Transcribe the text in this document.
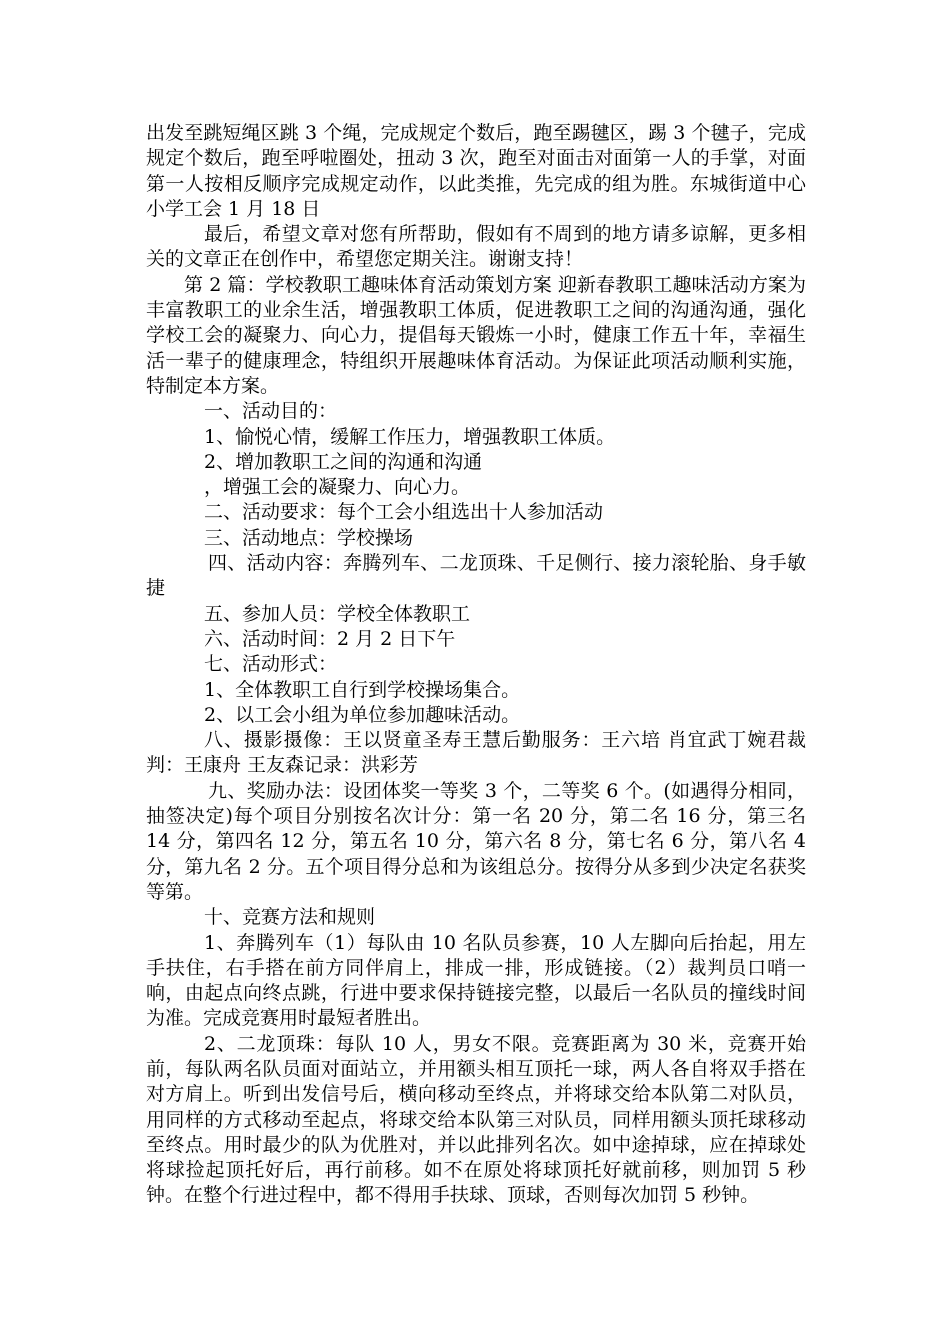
出发至跳短绳区跳 3 个绳，完成规定个数后，跑至踢毽区，踢 3 个毽子，完成规定个数后，跑至呼啦圈处，扭动 3 次，跑至对面击对面第一人的手掌，对面第一人按相反顺序完成规定动作，以此类推，先完成的组为胜。东城街道中心小学工会 1 月 18 日

最后，希望文章对您有所帮助，假如有不周到的地方请多谅解，更多相关的文章正在创作中，希望您定期关注。谢谢支持！

第 2 篇：学校教职工趣味体育活动策划方案 迎新春教职工趣味活动方案为丰富教职工的业余生活，增强教职工体质，促进教职工之间的沟通沟通，强化学校工会的凝聚力、向心力，提倡每天锻炼一小时，健康工作五十年，幸福生活一辈子的健康理念，特组织开展趣味体育活动。为保证此项活动顺利实施，特制定本方案。

一、活动目的：

1、愉悦心情，缓解工作压力，增强教职工体质。

2、增加教职工之间的沟通和沟通

，增强工会的凝聚力、向心力。

二、活动要求：每个工会小组选出十人参加活动

三、活动地点：学校操场

四、活动内容：奔腾列车、二龙顶珠、千足侧行、接力滚轮胎、身手敏捷

五、参加人员：学校全体教职工

六、活动时间：2 月 2 日下午

七、活动形式：

1、全体教职工自行到学校操场集合。

2、以工会小组为单位参加趣味活动。

八、摄影摄像：王以贤童圣寿王慧后勤服务：王六培 肖宜武丁婉君裁判：王康舟 王友森记录：洪彩芳

九、奖励办法：设团体奖一等奖 3 个，二等奖 6 个。(如遇得分相同，抽签决定)每个项目分别按名次计分：第一名 20 分，第二名 16 分，第三名 14 分，第四名 12 分，第五名 10 分，第六名 8 分，第七名 6 分，第八名 4 分，第九名 2 分。五个项目得分总和为该组总分。按得分从多到少决定名获奖等第。

十、竞赛方法和规则

1、奔腾列车（1）每队由 10 名队员参赛，10 人左脚向后抬起，用左手扶住，右手搭在前方同伴肩上，排成一排，形成链接。（2）裁判员口哨一响，由起点向终点跳，行进中要求保持链接完整，以最后一名队员的撞线时间为准。完成竞赛用时最短者胜出。

2、二龙顶珠：每队 10 人，男女不限。竞赛距离为 30 米，竞赛开始前，每队两名队员面对面站立，并用额头相互顶托一球，两人各自将双手搭在对方肩上。听到出发信号后，横向移动至终点，并将球交给本队第二对队员，用同样的方式移动至起点，将球交给本队第三对队员，同样用额头顶托球移动至终点。用时最少的队为优胜对，并以此排列名次。如中途掉球，应在掉球处将球捡起顶托好后，再行前移。如不在原处将球顶托好就前移，则加罚 5 秒钟。在整个行进过程中，都不得用手扶球、顶球，否则每次加罚 5 秒钟。
